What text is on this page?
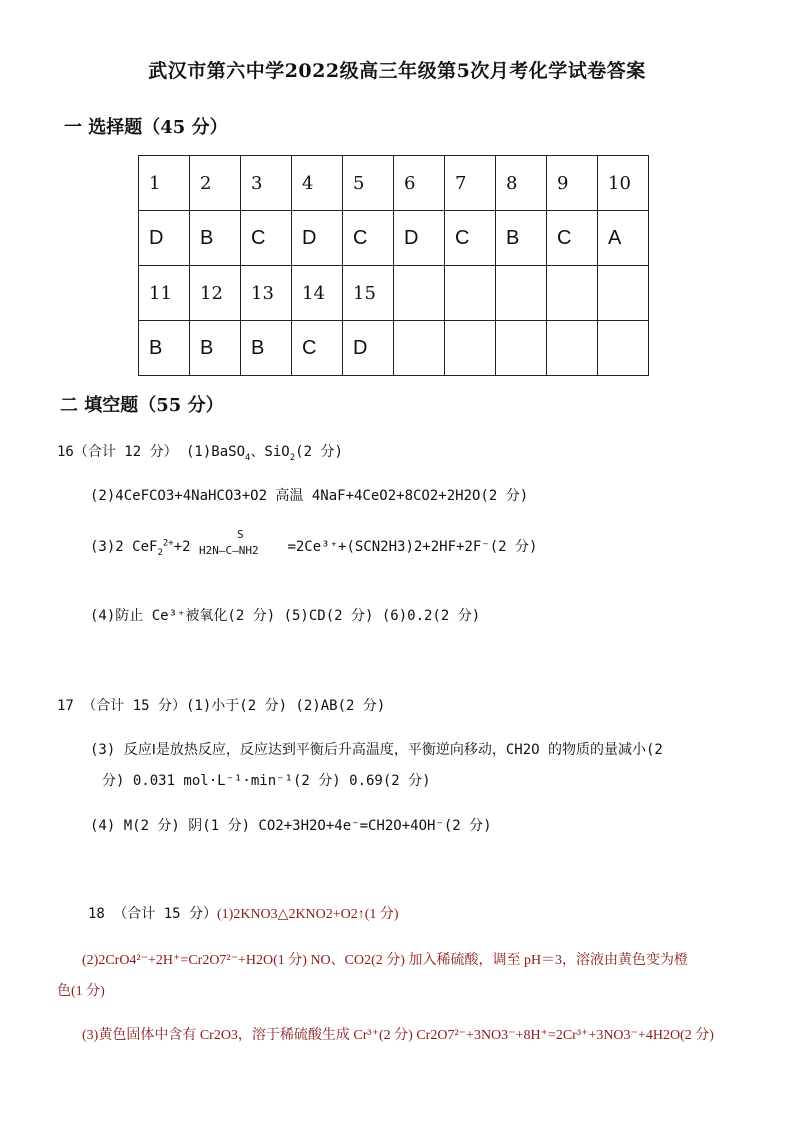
武汉市第六中学2022级高三年级第5次月考化学试卷答案
一 选择题（45 分）
1	2	3	4	5	6	7	8	9	10
D	B	C	D	C	D	C	B	C	A
11	12	13	14	15					
B	B	B	C	D					
二 填空题（55 分）
16（合计 12 分） (1)BaSO$_4$、SiO$_2$(2 分)
(2)4CeFCO3+4NaHCO3+O2 高温 4NaF+4CeO2+8CO2+2H2O(2 分)
(3)2 CeF$_2^{2+}$+2
S
H2N—C—NH2 =2Ce³⁺+(SCN2H3)2+2HF+2F⁻(2 分)
(4)防止 Ce³⁺被氧化(2 分) (5)CD(2 分) (6)0.2(2 分)
17 （合计 15 分）(1)小于(2 分) (2)AB(2 分)
(3) 反应Ⅰ是放热反应，反应达到平衡后升高温度，平衡逆向移动，CH2O 的物质的量减小(2
分) 0.031 mol·L⁻¹·min⁻¹(2 分) 0.69(2 分)
(4) M(2 分) 阴(1 分) CO2+3H2O+4e⁻=CH2O+4OH⁻(2 分)
18 （合计 15 分）(1)2KNO3△2KNO2+O2↑(1 分)
(2)2CrO4²⁻+2H⁺=Cr2O7²⁻+H2O(1 分) NO、CO2(2 分) 加入稀硫酸，调至 pH＝3，溶液由黄色变为橙
色(1 分)
(3)黄色固体中含有 Cr2O3，溶于稀硫酸生成 Cr³⁺(2 分) Cr2O7²⁻+3NO3⁻+8H⁺=2Cr³⁺+3NO3⁻+4H2O(2 分)
